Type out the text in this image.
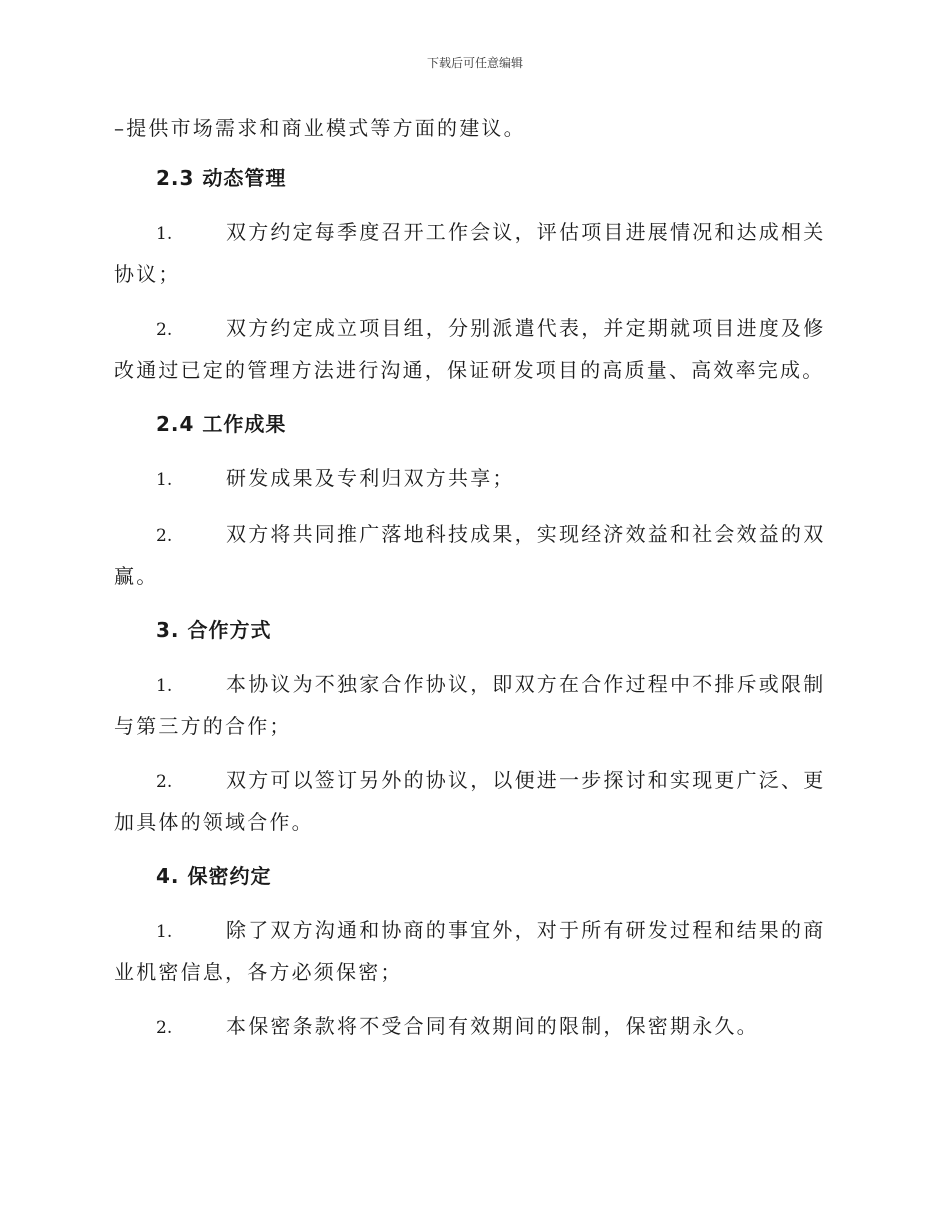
下载后可任意编辑

–提供市场需求和商业模式等方面的建议。

2.3 动态管理

1.	双方约定每季度召开工作会议，评估项目进展情况和达成相关协议；

2.	双方约定成立项目组，分别派遣代表，并定期就项目进度及修改通过已定的管理方法进行沟通，保证研发项目的高质量、高效率完成。

2.4 工作成果

1.	研发成果及专利归双方共享；

2.	双方将共同推广落地科技成果，实现经济效益和社会效益的双赢。

3. 合作方式

1.	本协议为不独家合作协议，即双方在合作过程中不排斥或限制与第三方的合作；

2.	双方可以签订另外的协议，以便进一步探讨和实现更广泛、更加具体的领域合作。

4. 保密约定

1.	除了双方沟通和协商的事宜外，对于所有研发过程和结果的商业机密信息，各方必须保密；

2.	本保密条款将不受合同有效期间的限制，保密期永久。
